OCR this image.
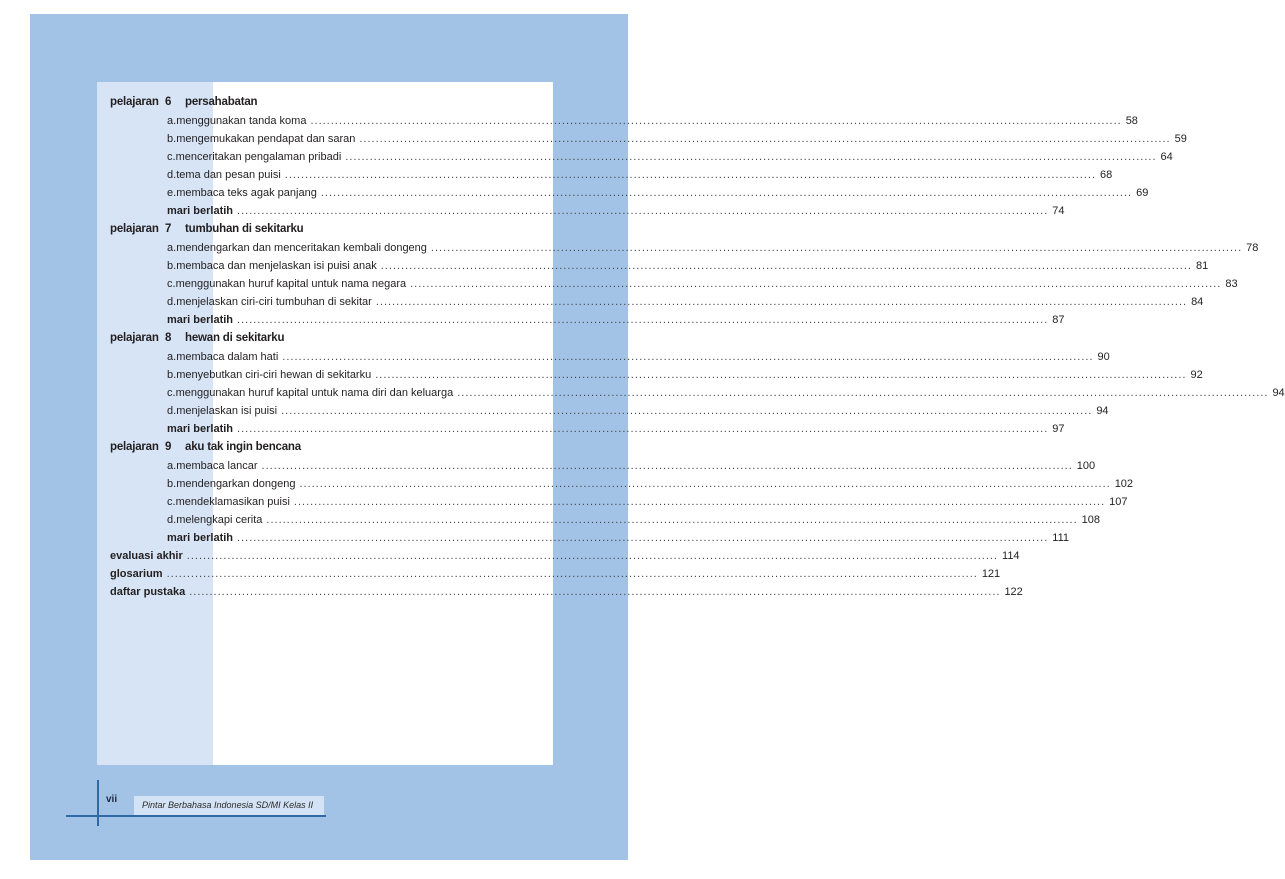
pelajaran 6	persahabatan
a. menggunakan tanda koma ........................................................................................................................................................................................................ 58
b. mengemukakan pendapat dan saran ........................................................................................................................................................................................................ 59
c. menceritakan pengalaman pribadi ........................................................................................................................................................................................................ 64
d. tema dan pesan puisi ........................................................................................................................................................................................................ 68
e. membaca teks agak panjang ........................................................................................................................................................................................................ 69
mari berlatih ........................................................................................................................................................................................................ 74
pelajaran 7	tumbuhan di sekitarku
a. mendengarkan dan menceritakan kembali dongeng ........................................................................................................................................................................................................ 78
b. membaca dan menjelaskan isi puisi anak ........................................................................................................................................................................................................ 81
c. menggunakan huruf kapital untuk nama negara ........................................................................................................................................................................................................ 83
d. menjelaskan ciri-ciri tumbuhan di sekitar ........................................................................................................................................................................................................ 84
mari berlatih ........................................................................................................................................................................................................ 87
pelajaran 8	hewan di sekitarku
a. membaca dalam hati ........................................................................................................................................................................................................ 90
b. menyebutkan ciri-ciri hewan di sekitarku ........................................................................................................................................................................................................ 92
c. menggunakan huruf kapital untuk nama diri dan keluarga ........................................................................................................................................................................................................ 94
d. menjelaskan isi puisi ........................................................................................................................................................................................................ 94
mari berlatih ........................................................................................................................................................................................................ 97
pelajaran 9	aku tak ingin bencana
a. membaca lancar ........................................................................................................................................................................................................ 100
b. mendengarkan dongeng ........................................................................................................................................................................................................ 102
c. mendeklamasikan puisi ........................................................................................................................................................................................................ 107
d. melengkapi cerita ........................................................................................................................................................................................................ 108
mari berlatih ........................................................................................................................................................................................................ 111
evaluasi akhir ........................................................................................................................................................................................................ 114
glosarium ........................................................................................................................................................................................................ 121
daftar pustaka ........................................................................................................................................................................................................ 122
vii	Pintar Berbahasa Indonesia SD/MI Kelas II
